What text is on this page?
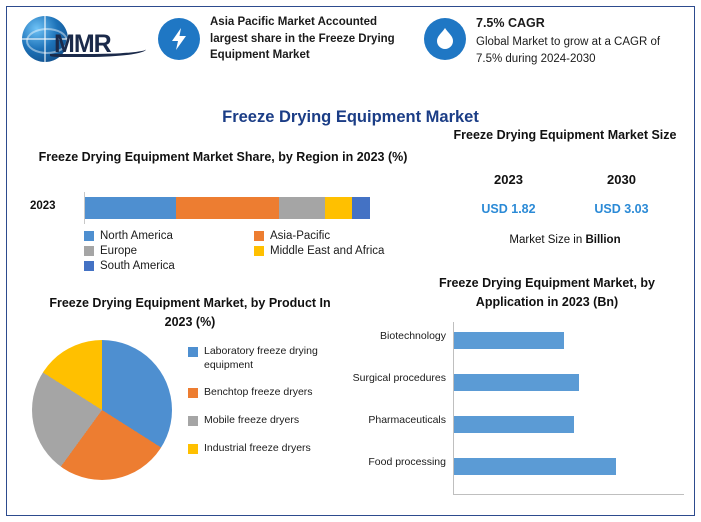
MMR
Asia Pacific Market Accounted largest share in the Freeze Drying Equipment Market
7.5% CAGR
Global Market to grow at a CAGR of 7.5% during 2024-2030
Freeze Drying Equipment Market
Freeze Drying Equipment Market Share, by Region in 2023 (%)
2023
North America	Asia-Pacific
Europe	Middle East and Africa
South America
Freeze Drying Equipment Market, by Product In 2023 (%)
Laboratory freeze drying equipment
Benchtop freeze dryers
Mobile freeze dryers
Industrial freeze dryers
Freeze Drying Equipment Market Size
2023	2030
USD 1.82	USD 3.03
Market Size in Billion
Freeze Drying Equipment Market, by Application in 2023 (Bn)
Biotechnology
Surgical procedures
Pharmaceuticals
Food processing
